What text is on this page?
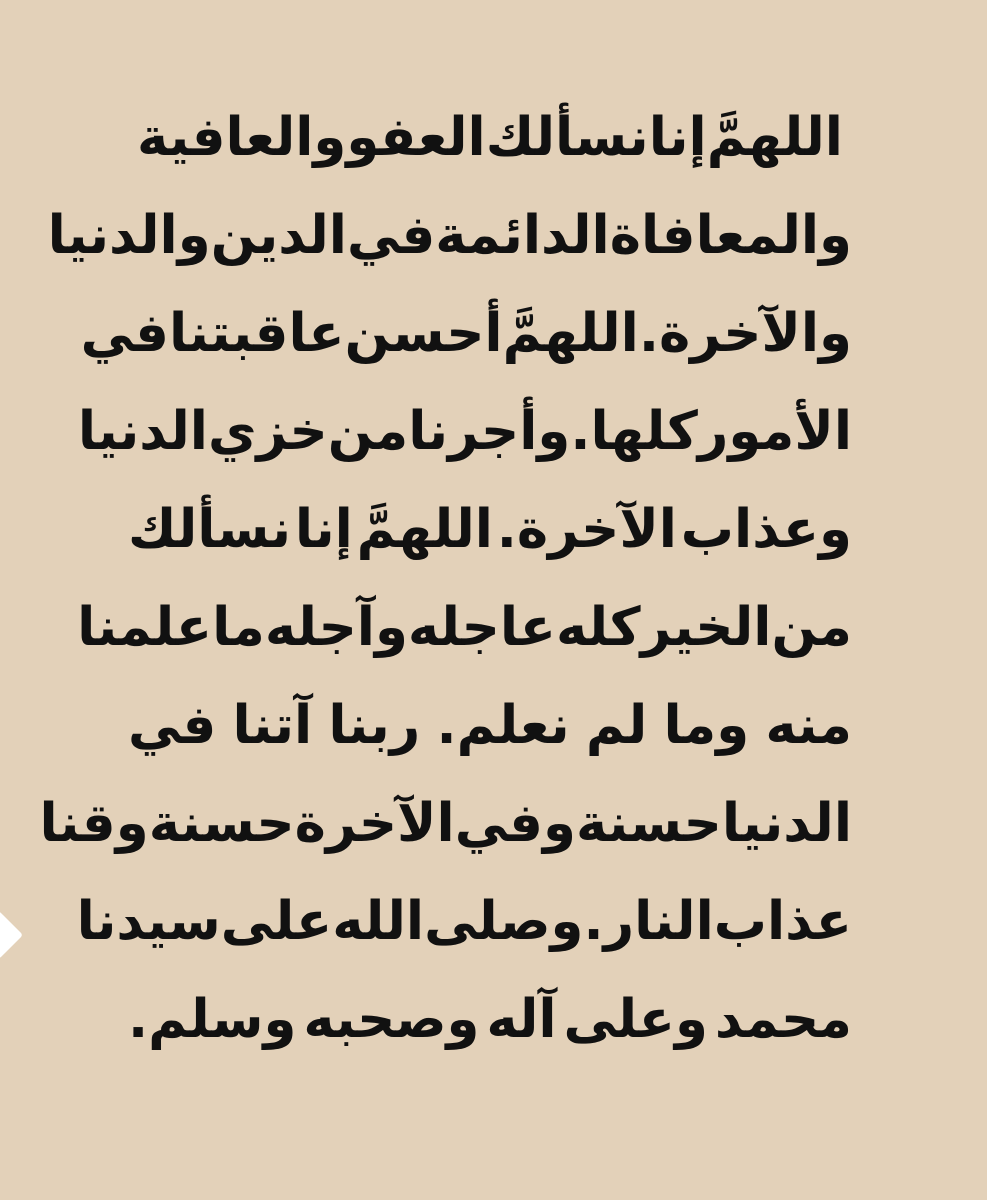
اللهمَّ
إنا
نسألك
العفو
والعافية
والمعافاة
الدائمة
في
الدين
والدنيا
والآخرة.
اللهمَّ
أحسن
عاقبتنا
في
الأمور
كلها.
وأجرنا
من
خزي
الدنيا
وعذاب
الآخرة.
اللهمَّ
إنا
نسألك
من
الخير
كله
عاجله
وآجله
ما
علمنا
منه
وما
لم
نعلم.
ربنا
آتنا
في
الدنيا
حسنة
وفي
الآخرة
حسنة
وقنا
عذاب
النار.
وصلى
الله
على
سيدنا
محمد
وعلى
آله
وصحبه
وسلم.
